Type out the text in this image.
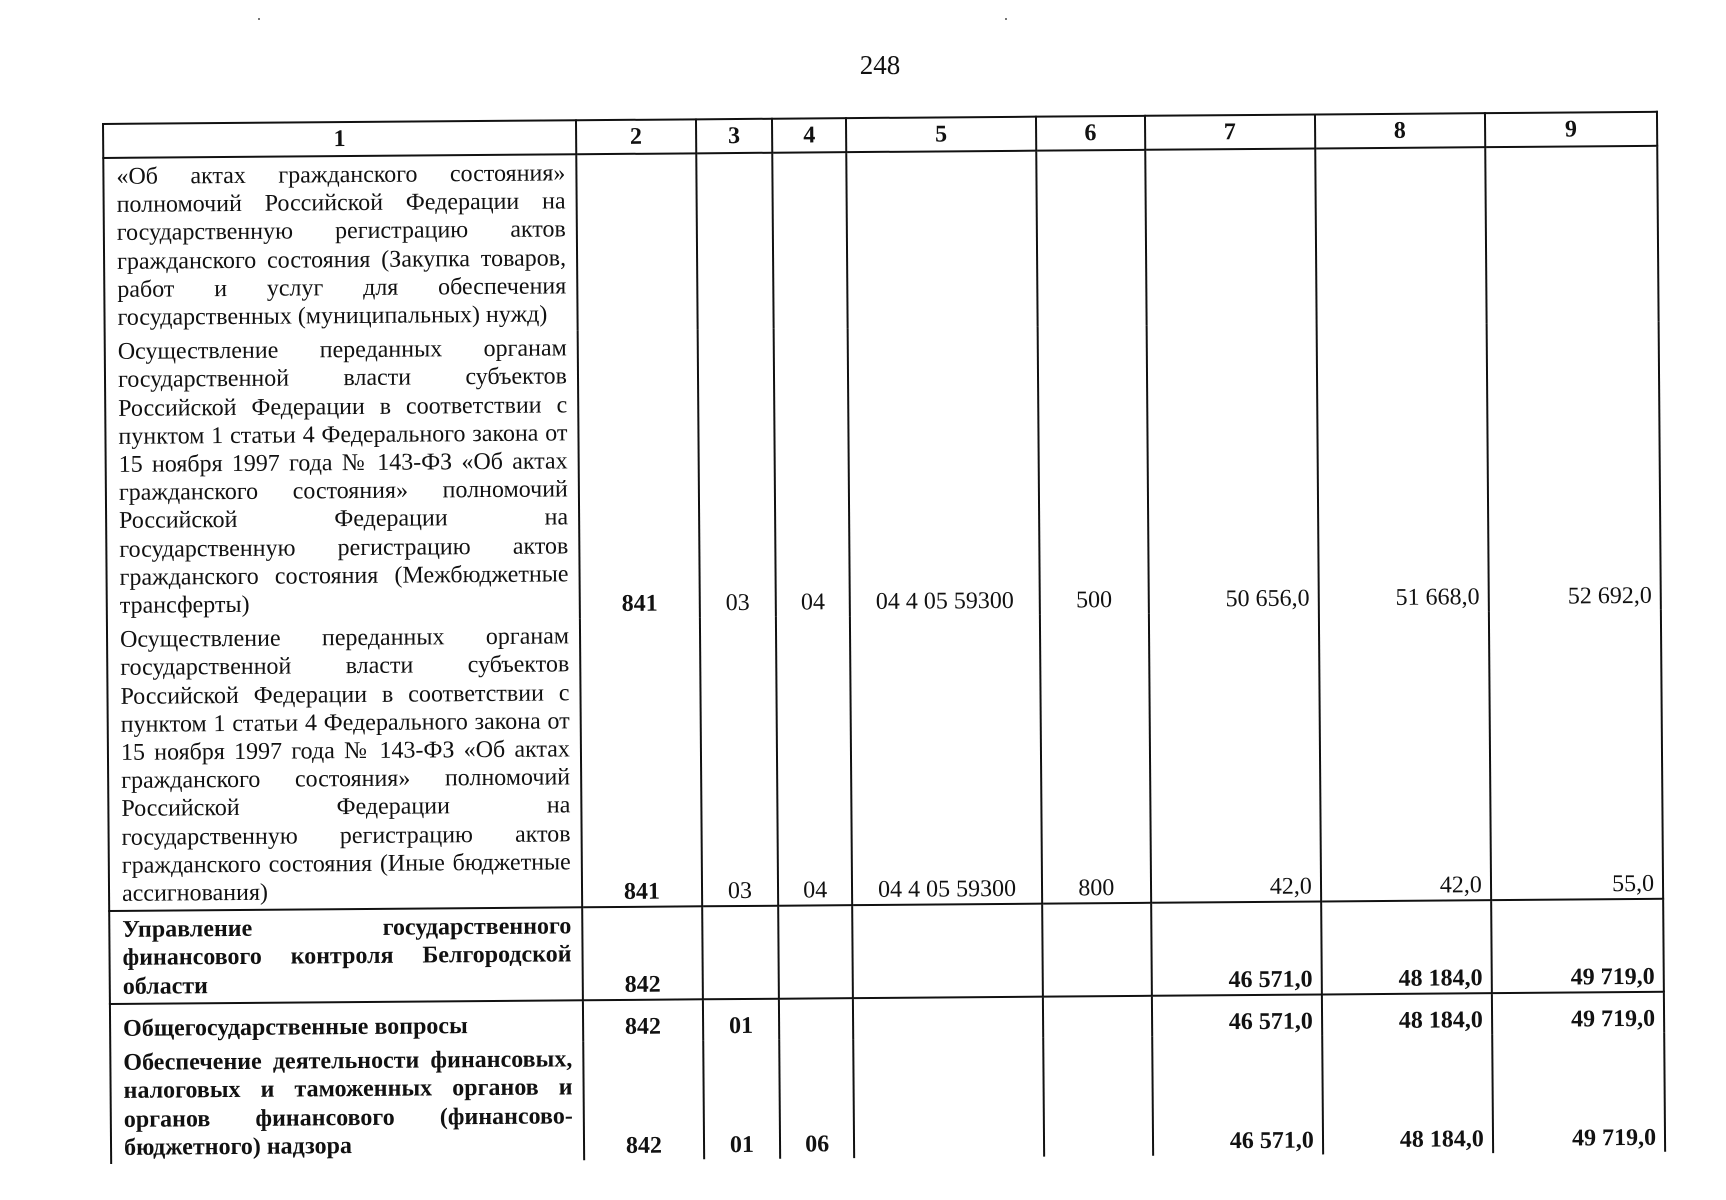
248
1	2	3	4	5	6	7	8	9
«Об актах гражданского состояния» полномочий Российской Федерации на государственную регистрацию актов гражданского состояния (Закупка товаров, работ и услуг для обеспечения государственных (муниципальных) нужд)								
Осуществление переданных органам государственной власти субъектов Российской Федерации в соответствии с пунктом 1 статьи 4 Федерального закона от 15 ноября 1997 года № 143-ФЗ «Об актах гражданского состояния» полномочий Российской Федерации на государственную регистрацию актов гражданского состояния (Межбюджетные трансферты)	841	03	04	04 4 05 59300	500	50 656,0	51 668,0	52 692,0
Осуществление переданных органам государственной власти субъектов Российской Федерации в соответствии с пунктом 1 статьи 4 Федерального закона от 15 ноября 1997 года № 143-ФЗ «Об актах гражданского состояния» полномочий Российской Федерации на государственную регистрацию актов гражданского состояния (Иные бюджетные ассигнования)	841	03	04	04 4 05 59300	800	42,0	42,0	55,0
Управление государственного финансового контроля Белгородской области	842					46 571,0	48 184,0	49 719,0
Общегосударственные вопросы	842	01				46 571,0	48 184,0	49 719,0
Обеспечение деятельности финансовых, налоговых и таможенных органов и органов финансового (финансово-бюджетного) надзора	842	01	06			46 571,0	48 184,0	49 719,0
